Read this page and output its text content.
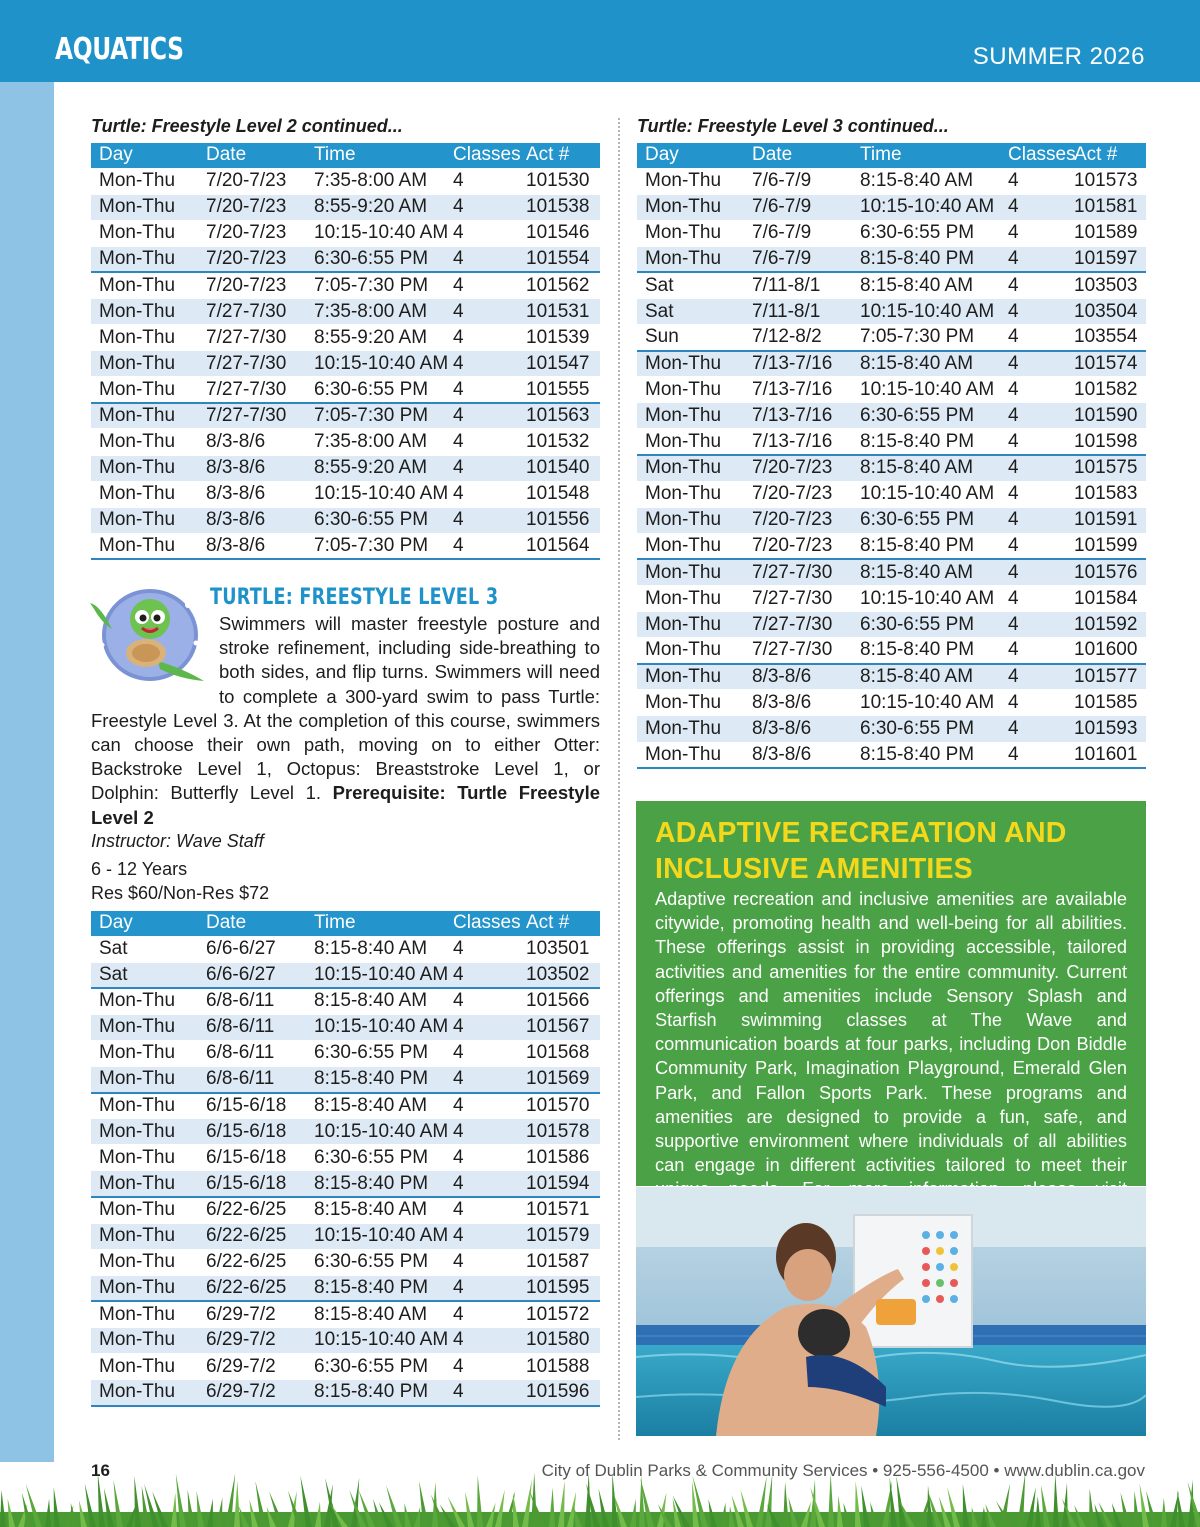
AQUATICS	SUMMER 2026
Turtle: Freestyle Level 2 continued...
Day	Date	Time	Classes	Act #
Mon-Thu	7/20-7/23	7:35-8:00 AM	4	101530
Mon-Thu	7/20-7/23	8:55-9:20 AM	4	101538
Mon-Thu	7/20-7/23	10:15-10:40 AM	4	101546
Mon-Thu	7/20-7/23	6:30-6:55 PM	4	101554
Mon-Thu	7/20-7/23	7:05-7:30 PM	4	101562
Mon-Thu	7/27-7/30	7:35-8:00 AM	4	101531
Mon-Thu	7/27-7/30	8:55-9:20 AM	4	101539
Mon-Thu	7/27-7/30	10:15-10:40 AM	4	101547
Mon-Thu	7/27-7/30	6:30-6:55 PM	4	101555
Mon-Thu	7/27-7/30	7:05-7:30 PM	4	101563
Mon-Thu	8/3-8/6	7:35-8:00 AM	4	101532
Mon-Thu	8/3-8/6	8:55-9:20 AM	4	101540
Mon-Thu	8/3-8/6	10:15-10:40 AM	4	101548
Mon-Thu	8/3-8/6	6:30-6:55 PM	4	101556
Mon-Thu	8/3-8/6	7:05-7:30 PM	4	101564
TURTLE: FREESTYLE LEVEL 3
Swimmers will master freestyle posture and stroke refinement, including side-breathing to both sides, and flip turns. Swimmers will need to complete a 300-yard swim to pass Turtle: Freestyle Level 3. At the completion of this course, swimmers can choose their own path, moving on to either Otter: Backstroke Level 1, Octopus: Breaststroke Level 1, or Dolphin: Butterfly Level 1. Prerequisite: Turtle Freestyle Level 2
Instructor: Wave Staff
6 - 12 Years
Res $60/Non-Res $72
Day	Date	Time	Classes	Act #
Sat	6/6-6/27	8:15-8:40 AM	4	103501
Sat	6/6-6/27	10:15-10:40 AM	4	103502
Mon-Thu	6/8-6/11	8:15-8:40 AM	4	101566
Mon-Thu	6/8-6/11	10:15-10:40 AM	4	101567
Mon-Thu	6/8-6/11	6:30-6:55 PM	4	101568
Mon-Thu	6/8-6/11	8:15-8:40 PM	4	101569
Mon-Thu	6/15-6/18	8:15-8:40 AM	4	101570
Mon-Thu	6/15-6/18	10:15-10:40 AM	4	101578
Mon-Thu	6/15-6/18	6:30-6:55 PM	4	101586
Mon-Thu	6/15-6/18	8:15-8:40 PM	4	101594
Mon-Thu	6/22-6/25	8:15-8:40 AM	4	101571
Mon-Thu	6/22-6/25	10:15-10:40 AM	4	101579
Mon-Thu	6/22-6/25	6:30-6:55 PM	4	101587
Mon-Thu	6/22-6/25	8:15-8:40 PM	4	101595
Mon-Thu	6/29-7/2	8:15-8:40 AM	4	101572
Mon-Thu	6/29-7/2	10:15-10:40 AM	4	101580
Mon-Thu	6/29-7/2	6:30-6:55 PM	4	101588
Mon-Thu	6/29-7/2	8:15-8:40 PM	4	101596
Turtle: Freestyle Level 3 continued...
Day	Date	Time	Classes	Act #
Mon-Thu	7/6-7/9	8:15-8:40 AM	4	101573
Mon-Thu	7/6-7/9	10:15-10:40 AM	4	101581
Mon-Thu	7/6-7/9	6:30-6:55 PM	4	101589
Mon-Thu	7/6-7/9	8:15-8:40 PM	4	101597
Sat	7/11-8/1	8:15-8:40 AM	4	103503
Sat	7/11-8/1	10:15-10:40 AM	4	103504
Sun	7/12-8/2	7:05-7:30 PM	4	103554
Mon-Thu	7/13-7/16	8:15-8:40 AM	4	101574
Mon-Thu	7/13-7/16	10:15-10:40 AM	4	101582
Mon-Thu	7/13-7/16	6:30-6:55 PM	4	101590
Mon-Thu	7/13-7/16	8:15-8:40 PM	4	101598
Mon-Thu	7/20-7/23	8:15-8:40 AM	4	101575
Mon-Thu	7/20-7/23	10:15-10:40 AM	4	101583
Mon-Thu	7/20-7/23	6:30-6:55 PM	4	101591
Mon-Thu	7/20-7/23	8:15-8:40 PM	4	101599
Mon-Thu	7/27-7/30	8:15-8:40 AM	4	101576
Mon-Thu	7/27-7/30	10:15-10:40 AM	4	101584
Mon-Thu	7/27-7/30	6:30-6:55 PM	4	101592
Mon-Thu	7/27-7/30	8:15-8:40 PM	4	101600
Mon-Thu	8/3-8/6	8:15-8:40 AM	4	101577
Mon-Thu	8/3-8/6	10:15-10:40 AM	4	101585
Mon-Thu	8/3-8/6	6:30-6:55 PM	4	101593
Mon-Thu	8/3-8/6	8:15-8:40 PM	4	101601
ADAPTIVE RECREATION AND INCLUSIVE AMENITIES

Adaptive recreation and inclusive amenities are available citywide, promoting health and well-being for all abilities. These offerings assist in providing accessible, tailored activities and amenities for the entire community. Current offerings and amenities include Sensory Splash and Starfish swimming classes at The Wave and communication boards at four parks, including Don Biddle Community Park, Imagination Playground, Emerald Glen Park, and Fallon Sports Park. These programs and amenities are designed to provide a fun, safe, and supportive environment where individuals of all abilities can engage in different activities tailored to meet their

16	City of Dublin Parks & Community Services • 925-556-4500 • www.dublin.ca.gov
